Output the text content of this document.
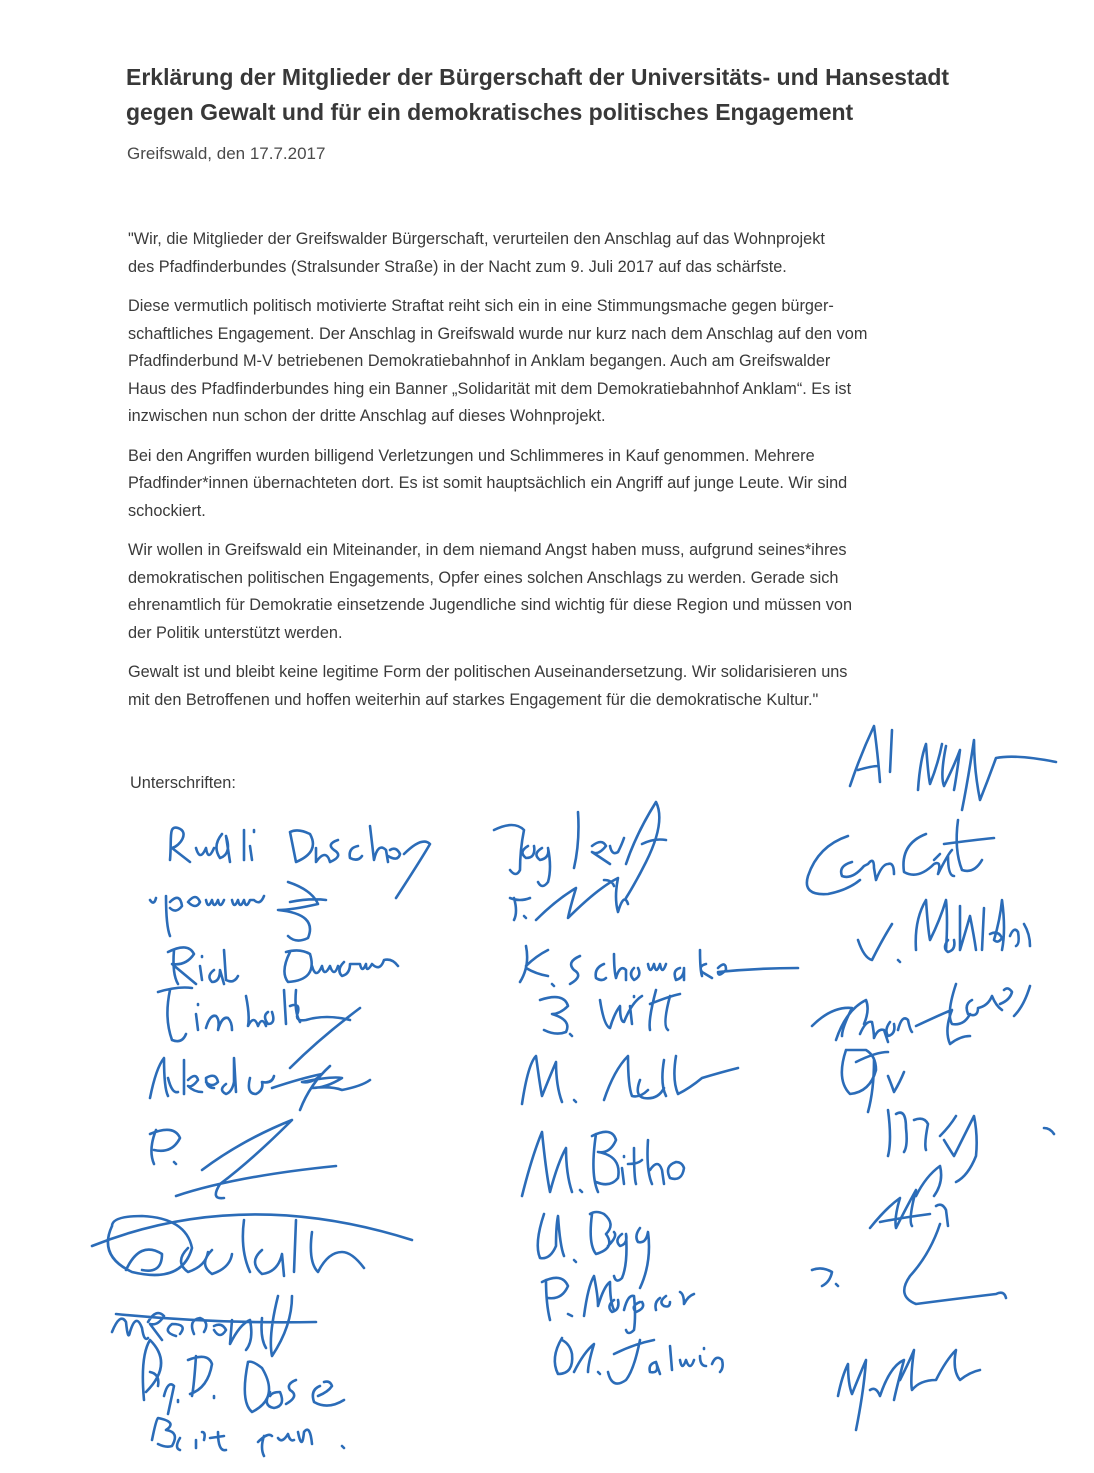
Erklärung der Mitglieder der Bürgerschaft der Universitäts- und Hansestadt
gegen Gewalt und für ein demokratisches politisches Engagement

Greifswald, den 17.7.2017

"Wir, die Mitglieder der Greifswalder Bürgerschaft, verurteilen den Anschlag auf das Wohnprojekt
des Pfadfinderbundes (Stralsunder Straße) in der Nacht zum 9. Juli 2017 auf das schärfste.

Diese vermutlich politisch motivierte Straftat reiht sich ein in eine Stimmungsmache gegen bürger-
schaftliches Engagement. Der Anschlag in Greifswald wurde nur kurz nach dem Anschlag auf den vom
Pfadfinderbund M-V betriebenen Demokratiebahnhof in Anklam begangen. Auch am Greifswalder
Haus des Pfadfinderbundes hing ein Banner „Solidarität mit dem Demokratiebahnhof Anklam“. Es ist
inzwischen nun schon der dritte Anschlag auf dieses Wohnprojekt.

Bei den Angriffen wurden billigend Verletzungen und Schlimmeres in Kauf genommen. Mehrere
Pfadfinder*innen übernachteten dort. Es ist somit hauptsächlich ein Angriff auf junge Leute. Wir sind
schockiert.

Wir wollen in Greifswald ein Miteinander, in dem niemand Angst haben muss, aufgrund seines*ihres
demokratischen politischen Engagements, Opfer eines solchen Anschlags zu werden. Gerade sich
ehrenamtlich für Demokratie einsetzende Jugendliche sind wichtig für diese Region und müssen von
der Politik unterstützt werden.

Gewalt ist und bleibt keine legitime Form der politischen Auseinandersetzung. Wir solidarisieren uns
mit den Betroffenen und hoffen weiterhin auf starkes Engagement für die demokratische Kultur."

Unterschriften:
